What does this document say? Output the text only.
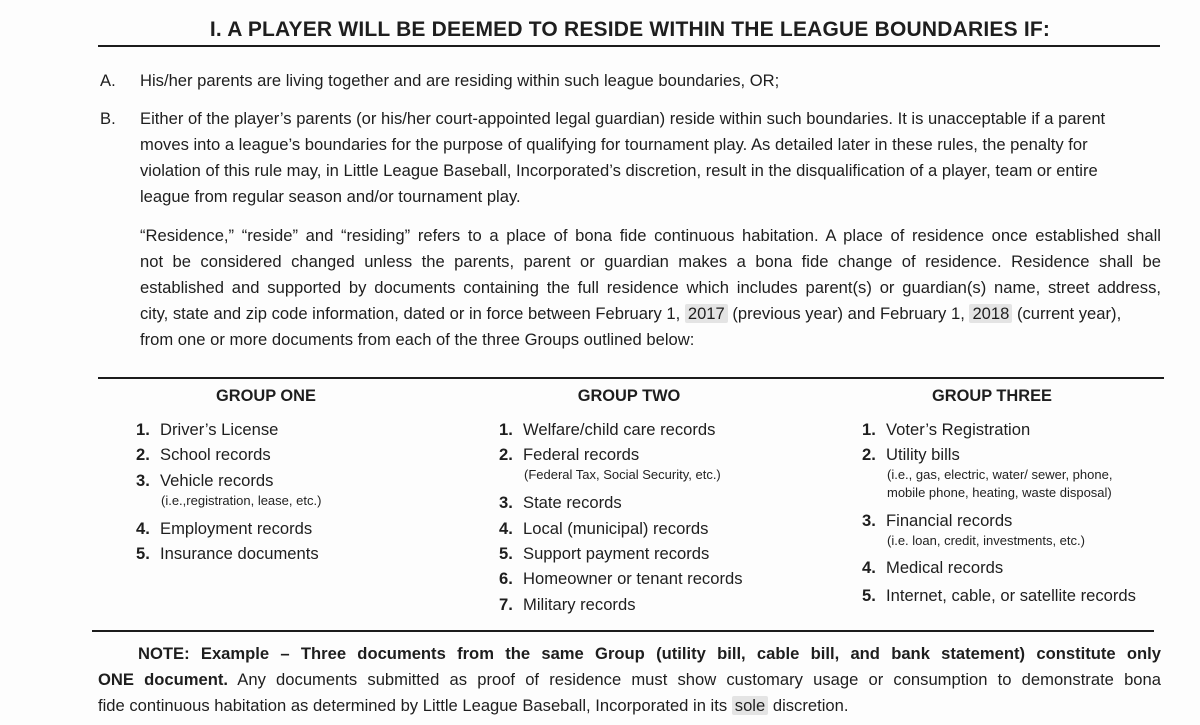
I. A PLAYER WILL BE DEEMED TO RESIDE WITHIN THE LEAGUE BOUNDARIES IF:
A. His/her parents are living together and are residing within such league boundaries, OR;
B. Either of the player’s parents (or his/her court-appointed legal guardian) reside within such boundaries. It is unacceptable if a parent
moves into a league’s boundaries for the purpose of qualifying for tournament play. As detailed later in these rules, the penalty for
violation of this rule may, in Little League Baseball, Incorporated’s discretion, result in the disqualification of a player, team or entire
league from regular season and/or tournament play.
“Residence,” “reside” and “residing” refers to a place of bona fide continuous habitation. A place of residence once established shall
not be considered changed unless the parents, parent or guardian makes a bona fide change of residence. Residence shall be
established and supported by documents containing the full residence which includes parent(s) or guardian(s) name, street address,
city, state and zip code information, dated or in force between February 1, 2017 (previous year) and February 1, 2018 (current year),
from one or more documents from each of the three Groups outlined below:
GROUP ONE
1. Driver’s License
2. School records
3. Vehicle records
(i.e.,registration, lease, etc.)
4. Employment records
5. Insurance documents
GROUP TWO
1. Welfare/child care records
2. Federal records
(Federal Tax, Social Security, etc.)
3. State records
4. Local (municipal) records
5. Support payment records
6. Homeowner or tenant records
7. Military records
GROUP THREE
1. Voter’s Registration
2. Utility bills
(i.e., gas, electric, water/ sewer, phone,
mobile phone, heating, waste disposal)
3. Financial records
(i.e. loan, credit, investments, etc.)
4. Medical records
5. Internet, cable, or satellite records
NOTE: Example – Three documents from the same Group (utility bill, cable bill, and bank statement) constitute only
ONE document. Any documents submitted as proof of residence must show customary usage or consumption to demonstrate bona
fide continuous habitation as determined by Little League Baseball, Incorporated in its sole discretion.
